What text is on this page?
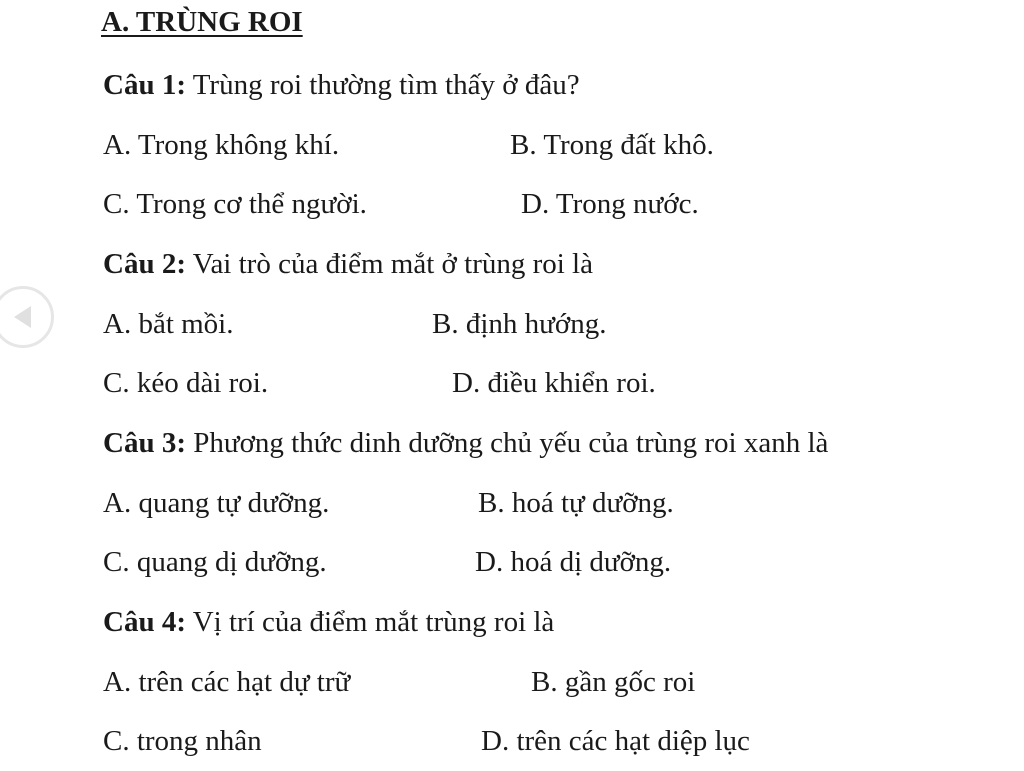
A. TRÙNG ROI
Câu 1: Trùng roi thường tìm thấy ở đâu?
A. Trong không khí.	B. Trong đất khô.
C. Trong cơ thể người.	D. Trong nước.
Câu 2: Vai trò của điểm mắt ở trùng roi là
A. bắt mồi.	B. định hướng.
C. kéo dài roi.	D. điều khiển roi.
Câu 3: Phương thức dinh dưỡng chủ yếu của trùng roi xanh là
A. quang tự dưỡng.	B. hoá tự dưỡng.
C. quang dị dưỡng.	D. hoá dị dưỡng.
Câu 4: Vị trí của điểm mắt trùng roi là
A. trên các hạt dự trữ	B. gần gốc roi
C. trong nhân	D. trên các hạt diệp lục
